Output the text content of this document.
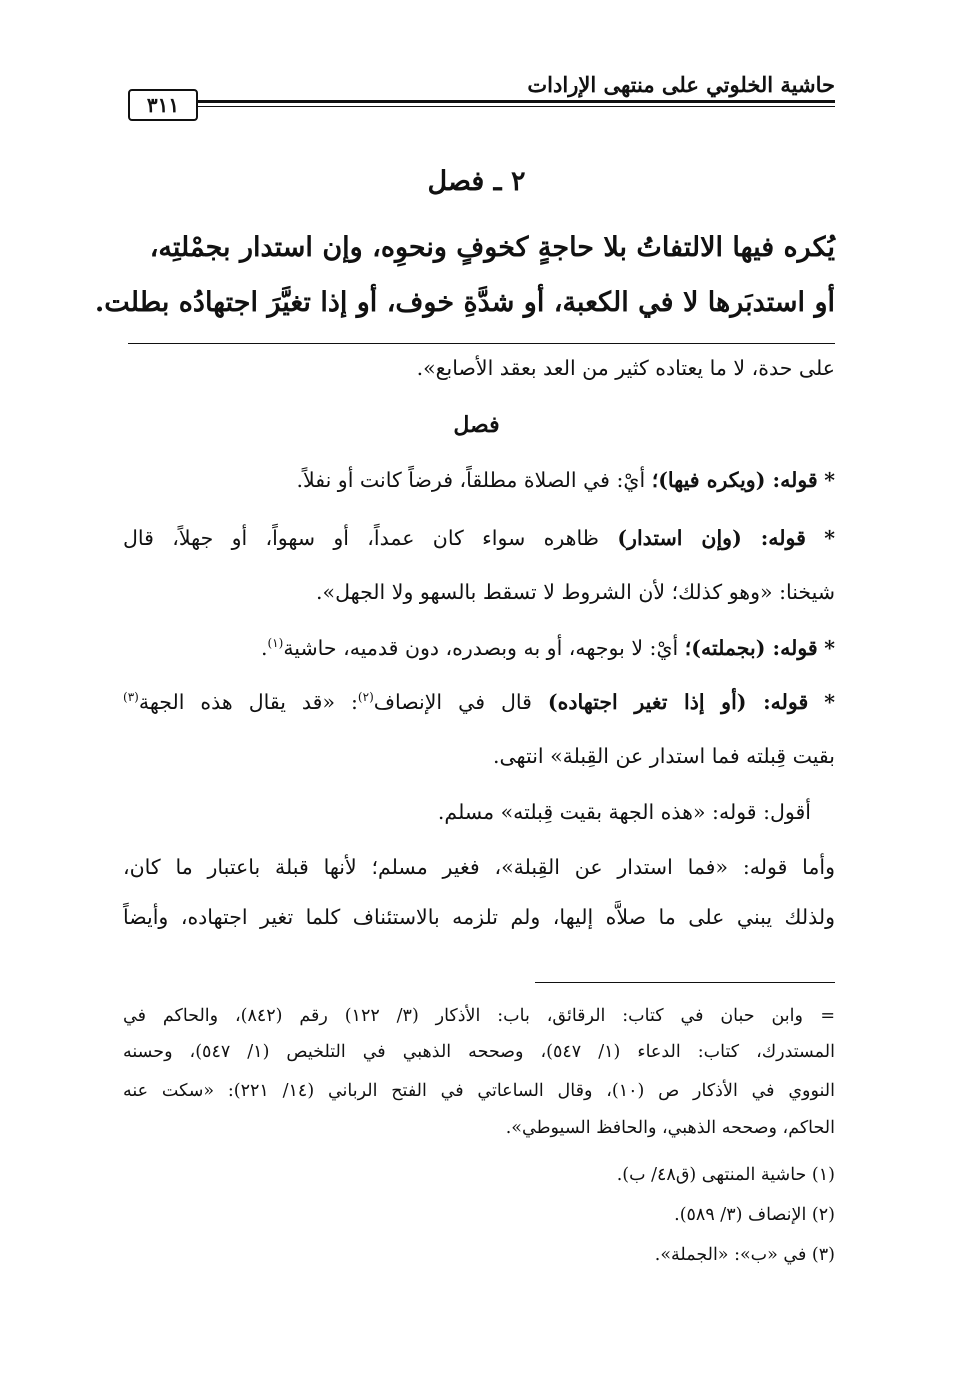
حاشية الخلوتي على منتهى الإرادات
٣١١
٢ ـ فصل
يُكره فيها الالتفاتُ بلا حاجةٍ كخوفٍ ونحوِه، وإن استدار بجمْلتِه،
أو استدبَرها لا في الكعبة، أو شدَّةِ خوف، أو إذا تغيَّرَ اجتهادُه بطلت.
على حدة، لا ما يعتاده كثير من العد بعقد الأصابع».
فصل
* قوله: (ويكره فيها)؛ أيْ: في الصلاة مطلقاً، فرضاً كانت أو نفلاً.
* قوله: (وإن استدار) ظاهره سواء كان عمداً، أو سهواً، أو جهلاً، قال
شيخنا: «وهو كذلك؛ لأن الشروط لا تسقط بالسهو ولا الجهل».
* قوله: (بجملته)؛ أيْ: لا بوجهه، أو به وبصدره، دون قدميه، حاشية$^{(١)}$.
* قوله: (أو إذا تغير اجتهاده) قال في الإنصاف$^{(٢)}$: «قد يقال هذه الجهة$^{(٣)}$
بقيت قِبلته فما استدار عن القِبلة» انتهى.
أقول: قوله: «هذه الجهة بقيت قِبلته» مسلم.
وأما قوله: «فما استدار عن القِبلة»، فغير مسلم؛ لأنها قبلة باعتبار ما كان،
ولذلك يبني على ما صلاَّه إليها، ولم تلزمه بالاستئناف كلما تغير اجتهاده، وأيضاً
=
وابن حبان في كتاب: الرقائق، باب: الأذكار (٣/ ١٢٢) رقم (٨٤٢)، والحاكم في
المستدرك، كتاب: الدعاء (١/ ٥٤٧)، وصححه الذهبي في التلخيص (١/ ٥٤٧)، وحسنه
النووي في الأذكار ص (١٠)، وقال الساعاتي في الفتح الرباني (١٤/ ٢٢١): «سكت عنه
الحاكم، وصححه الذهبي، والحافظ السيوطي».
(١) حاشية المنتهى (ق٤٨/ ب).
(٢) الإنصاف (٣/ ٥٨٩).
(٣) في «ب»: «الجملة».
